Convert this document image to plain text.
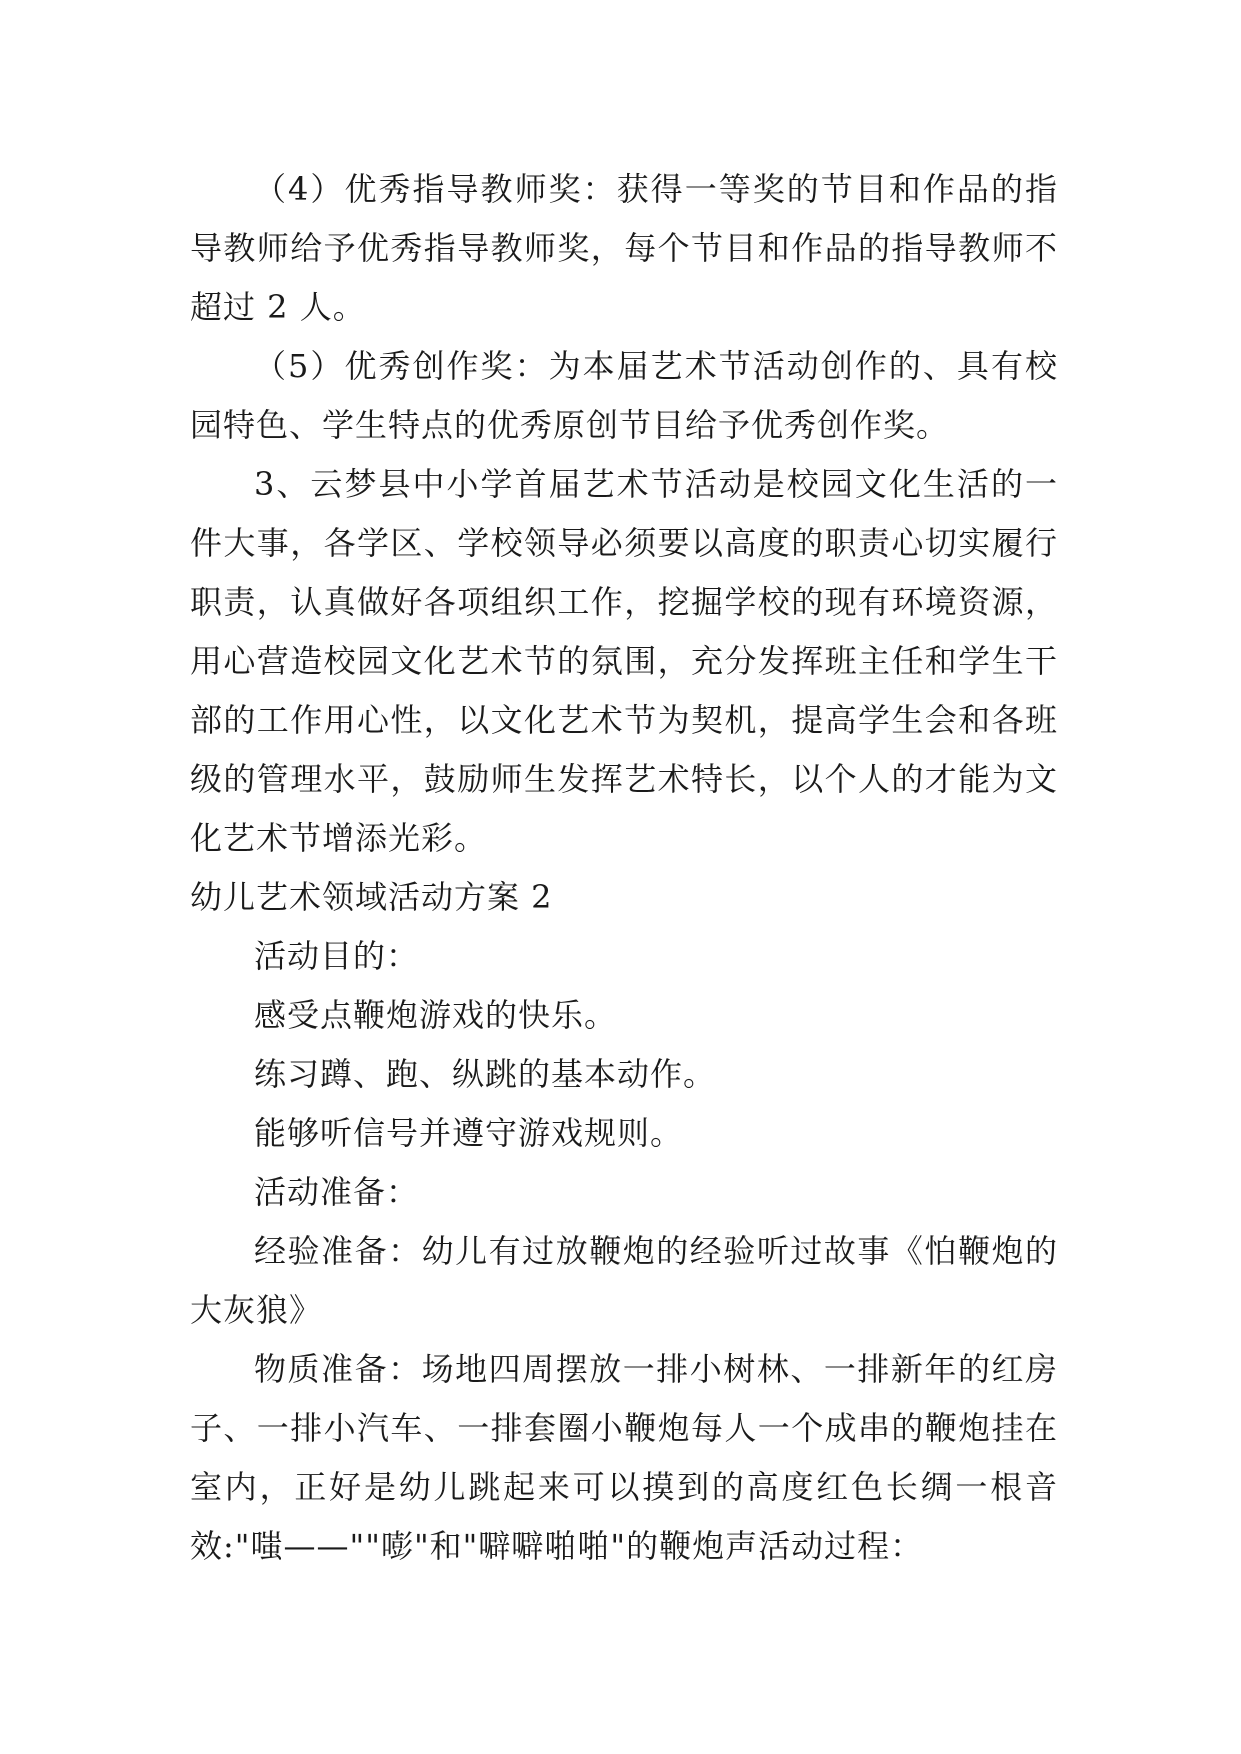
（4）优秀指导教师奖：获得一等奖的节目和作品的指导教师给予优秀指导教师奖，每个节目和作品的指导教师不超过 2 人。

（5）优秀创作奖：为本届艺术节活动创作的、具有校园特色、学生特点的优秀原创节目给予优秀创作奖。

3、云梦县中小学首届艺术节活动是校园文化生活的一件大事，各学区、学校领导必须要以高度的职责心切实履行职责，认真做好各项组织工作，挖掘学校的现有环境资源，用心营造校园文化艺术节的氛围，充分发挥班主任和学生干部的工作用心性，以文化艺术节为契机，提高学生会和各班级的管理水平，鼓励师生发挥艺术特长，以个人的才能为文化艺术节增添光彩。

幼儿艺术领域活动方案 2

活动目的：

感受点鞭炮游戏的快乐。

练习蹲、跑、纵跳的基本动作。

能够听信号并遵守游戏规则。

活动准备：

经验准备：幼儿有过放鞭炮的经验听过故事《怕鞭炮的大灰狼》

物质准备：场地四周摆放一排小树林、一排新年的红房子、一排小汽车、一排套圈小鞭炮每人一个成串的鞭炮挂在室内，正好是幼儿跳起来可以摸到的高度红色长绸一根音效:"嗤——""嘭"和"噼噼啪啪"的鞭炮声活动过程：
